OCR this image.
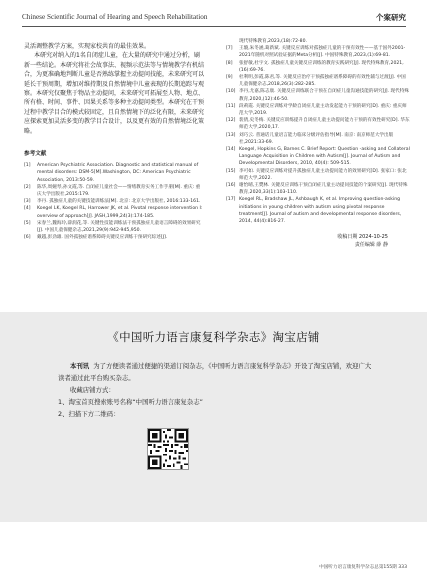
Chinese Scientific Journal of Hearing and Speech Rehabilitation	个案研究

灵活调整教学方案，实现家校共育的最佳效果。

本研究对纳入的1名自闭症儿童，在大量的研究中通过分析，刷新一些结论。本研究将社会故事法、视频示范法等与情境教学有机结合，为更准确地判断儿童是否熟练掌握主动提问技能，未来研究可以延长干预周期，增加对维持期及自然情境中儿童表现的长期追踪与观察。本研究仅聚焦于物品主动提问，未来研究可拓展至人物、地点、所有格、时间、事件、因果关系等多种主动提问类型。本研究在干预过程中教学目合的模式较固定，且自然情境下的泛化有限，未来研究应探索更加灵活多变的教学目合设计，以及更有效的自然情境泛化策略。

参考文献
[1]	American Psychiatric Association. Diagnostic and statistical manual of mental disorders: DSM-5[M].Washington, DC: American Psychiatric Association, 2013:50-59.
[2]	陈华,周婉琴,孙文霞,等. 自闭症儿童社会——情绪教育实务工作手册[M]. 重庆: 重庆大学出版社,2015:179.
[3]	李丹. 孤独症儿童的关键技能训练法[M]. 北京: 北京大学出版社, 2016:133-161.
[4]	Koegel LK, Koegel RL, Harrower JK, et al. Pivotal response intervention I: overview of approach[J]. JASH,1999,24(3):174-185.
[5]	宋春兰,魏海玲,薛润花,等. 关键性技能训练法干预孤独症儿童语言障碍的效果研究[J]. 中国儿童保健杂志,2021,29(9):942-945,950.
[6]	戴越,彭劲雄. 国外孤独症谱系障碍关键反应训练干预研究综述[J].
现代特殊教育,2023,(18):72-80.
[7]	王璇,朱冬涵,葛新斌. 关键反应训练对孤独症儿童的干预有效性——基于国外2001-2021年随机对照试验证据的Meta分析[J]. 中国特殊教育,2023,(1):69-81.
[8]	张舒敏,杜宇文. 孤独症儿童关键反应训练的教育实践研究[J]. 现代特殊教育,2021,(16):69-76.
[9]	杜利明,彭霞,陈君,等. 关键反应治疗干预孤独症谱系障碍的有效性辅与过渡[J]. 中国儿童保健杂志,2018,26(3):282-285.
[10] 李丹,尤嘉,陈志康. 关键反应训练联合干预在自闭症儿童沟通技能的研究[J]. 现代特殊教育,2020,(12):46-50.
[11] 段莉霞. 关键反应训练对学龄自闭症儿童主动发起能力干预的研究[D]. 重庆: 重庆师范大学,2019.
[12] 裴倩,史冬梅. 关键反应训练提升自闭症儿童主动提问能力干预的有效性研究[D]. 华东师范大学,2020,17.
[13] 刘巧云. 普通话儿童语言能力临床分级评估指导[M]. 南京: 南京师范大学出版社,2021:33-69.
[14] Koegel, Hopkins G, Barnes C. Brief Report: Question -asking and Collateral Language Acquisition in Children with Autism[J]. Journal of Autism and Developmental Disorders, 2010, 40(4): 509-515.
[15] 李可如. 关键反应训练对提升孤独症儿童主动提问能力的效果研究[D]. 张家口: 张北师范大学,2022.
[16] 谢怡晴,王樊林. 关键反应训练干预自闭症儿童主动提问技能的个案研究[J]. 现代特殊教育,2020,33(1):103-110.
[17] Koegel RL, Bradshaw JL, Ashbaugh K, et al. Improving question-asking initiations in young children with autism using pivotal response treatment[J]. Journal of autism and developmental response disorders, 2014, 44(4):816-27.
收稿日期 2024-10-25
责任编辑 薛 静
《中国听力语言康复科学杂志》淘宝店铺

本刊讯 为了方便读者通过便捷的渠道订阅杂志，《中国听力语言康复科学杂志》开设了淘宝店铺，欢迎广大读者通过此平台购买杂志。

收藏店铺方式：

1、淘宝首页搜索账号名称“中国听力语言康复杂志”

2、扫描下方二维码：

中国听力语言康复科学杂志总第155期 333
